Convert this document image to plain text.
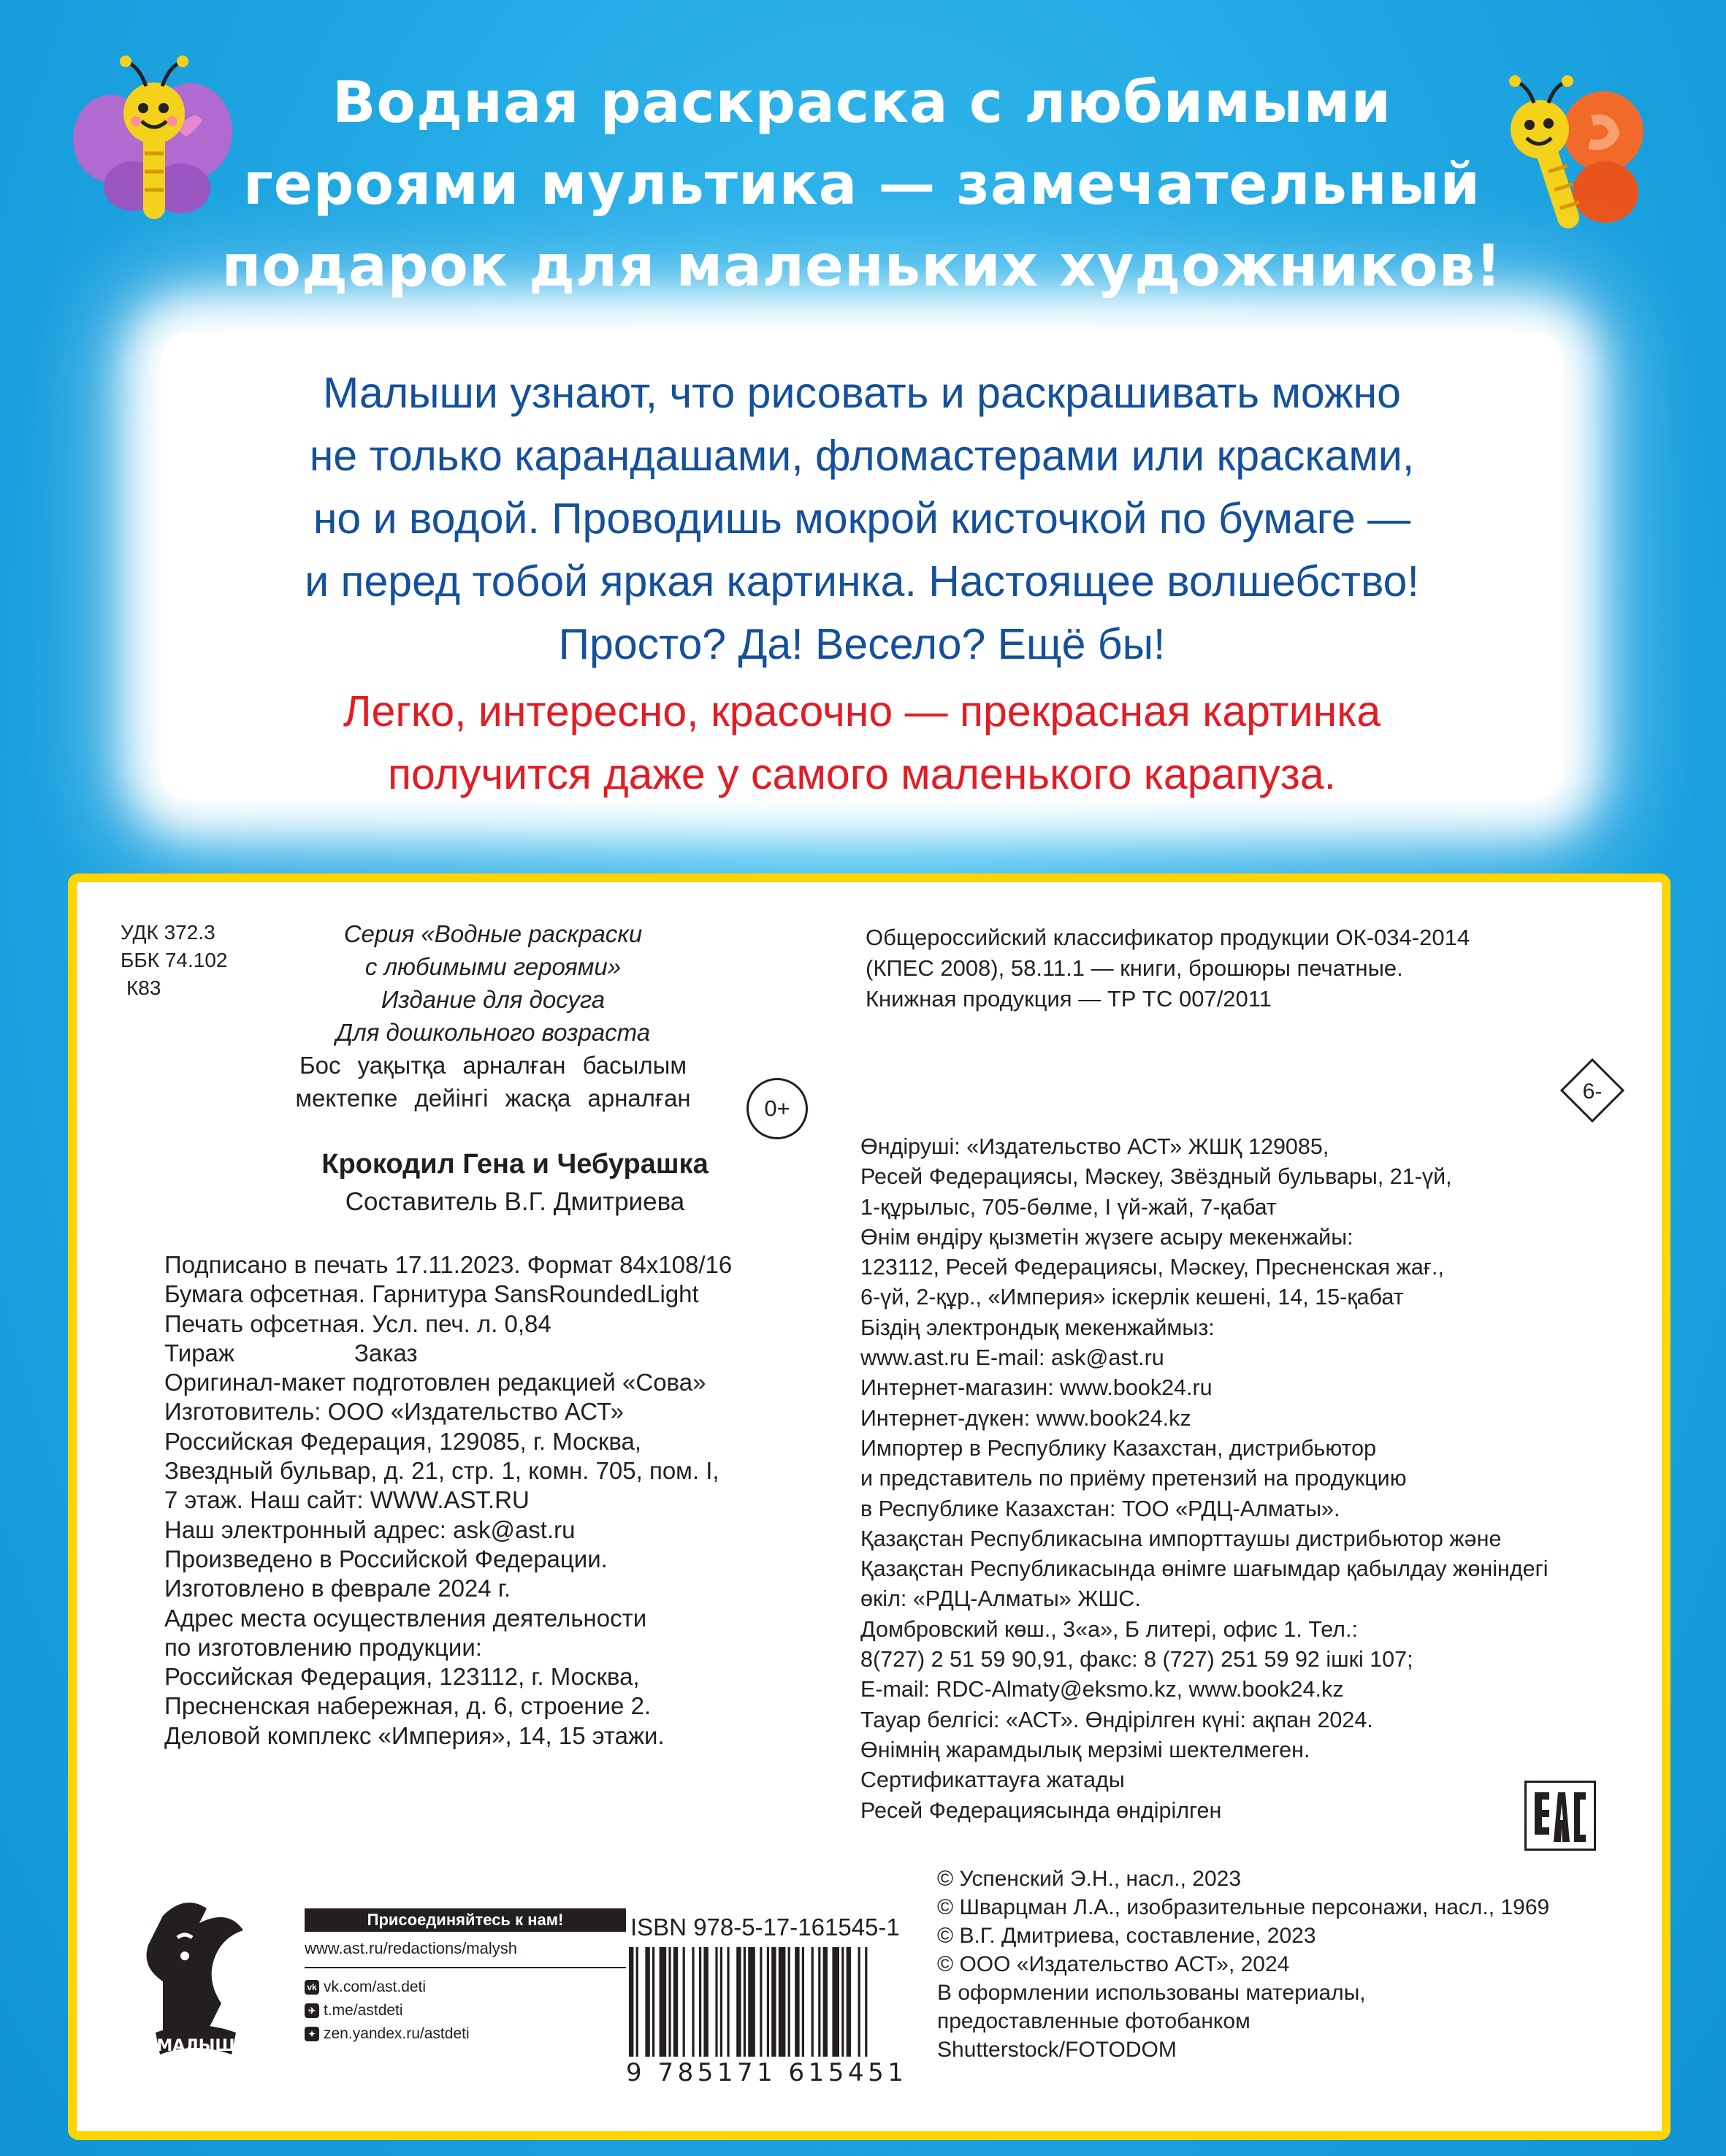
Водная раскраска с любимыми
героями мультика — замечательный
подарок для маленьких художников!
Малыши узнают, что рисовать и раскрашивать можно
не только карандашами, фломастерами или красками,
но и водой. Проводишь мокрой кисточкой по бумаге —
и перед тобой яркая картинка. Настоящее волшебство!
Просто? Да! Весело? Ещё бы!
Легко, интересно, красочно — прекрасная картинка
получится даже у самого маленького карапуза.
УДК 372.3
ББК 74.102
К83
Серия «Водные раскраски
с любимыми героями»
Издание для досуга
Для дошкольного возраста
Бос уақытқа арналған басылым
мектепке дейінгі жасқа арналған	0+
Крокодил Гена и Чебурашка
Составитель В.Г. Дмитриева
Подписано в печать 17.11.2023. Формат 84х108/16
Бумага офсетная. Гарнитура SansRoundedLight
Печать офсетная. Усл. печ. л. 0,84
Тираж	Заказ
Оригинал-макет подготовлен редакцией «Сова»
Изготовитель: ООО «Издательство АСТ»
Российская Федерация, 129085, г. Москва,
Звездный бульвар, д. 21, стр. 1, комн. 705, пом. I,
7 этаж. Наш сайт: WWW.AST.RU
Наш электронный адрес: ask@ast.ru
Произведено в Российской Федерации.
Изготовлено в феврале 2024 г.
Адрес места осуществления деятельности
по изготовлению продукции:
Российская Федерация, 123112, г. Москва,
Пресненская набережная, д. 6, строение 2.
Деловой комплекс «Империя», 14, 15 этажи.
Общероссийский классификатор продукции ОК-034-2014
(КПЕС 2008), 58.11.1 — книги, брошюры печатные.
Книжная продукция — ТР ТС 007/2011
6-
Өндіруші: «Издательство АСТ» ЖШҚ 129085,
Ресей Федерациясы, Мәскеу, Звёздный бульвары, 21-үй,
1-құрылыс, 705-бөлме, I үй-жай, 7-қабат
Өнім өндіру қызметін жүзеге асыру мекенжайы:
123112, Ресей Федерациясы, Мәскеу, Пресненская жағ.,
6-үй, 2-құр., «Империя» іскерлік кешені, 14, 15-қабат
Біздің электрондық мекенжаймыз:
www.ast.ru E-mail: ask@ast.ru
Интернет-магазин: www.book24.ru
Интернет-дүкен: www.book24.kz
Импортер в Республику Казахстан, дистрибьютор
и представитель по приёму претензий на продукцию
в Республике Казахстан: ТОО «РДЦ-Алматы».
Қазақстан Республикасына импорттаушы дистрибьютор және
Қазақстан Республикасында өнімге шағымдар қабылдау жөніндегі
өкіл: «РДЦ-Алматы» ЖШС.
Домбровский көш., 3«а», Б литері, офис 1. Тел.:
8(727) 2 51 59 90,91, факс: 8 (727) 251 59 92 ішкі 107;
E-mail: RDC-Almaty@eksmo.kz, www.book24.kz
Тауар белгісі: «АСТ». Өндірілген күні: ақпан 2024.
Өнімнің жарамдылық мерзімі шектелмеген.
Сертификаттауға жатады
Ресей Федерациясында өндірілген
© Успенский Э.Н., насл., 2023
© Шварцман Л.А., изобразительные персонажи, насл., 1969
© В.Г. Дмитриева, составление, 2023
© ООО «Издательство АСТ», 2024
В оформлении использованы материалы,
предоставленные фотобанком
Shutterstock/FOTODOM
«МАЛЫШ»
Присоединяйтесь к нам!
www.ast.ru/redactions/malysh
vk vk.com/ast.deti
✈ t.me/astdeti
✦ zen.yandex.ru/astdeti
ISBN 978-5-17-161545-1
9 785171 615451
